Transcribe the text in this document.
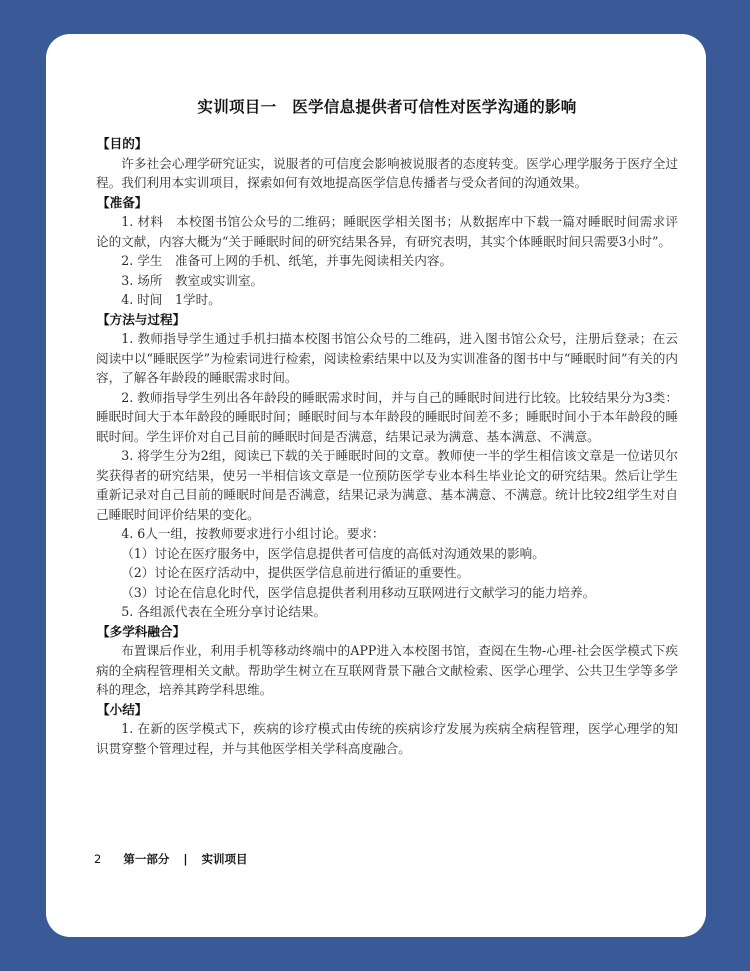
实训项目一　医学信息提供者可信性对医学沟通的影响
【目的】

许多社会心理学研究证实，说服者的可信度会影响被说服者的态度转变。医学心理学服务于医疗全过程。我们利用本实训项目，探索如何有效地提高医学信息传播者与受众者间的沟通效果。

【准备】

1. 材料　本校图书馆公众号的二维码；睡眠医学相关图书；从数据库中下载一篇对睡眠时间需求评论的文献，内容大概为“关于睡眠时间的研究结果各异，有研究表明，其实个体睡眠时间只需要3小时”。

2. 学生　准备可上网的手机、纸笔，并事先阅读相关内容。

3. 场所　教室或实训室。

4. 时间　1学时。

【方法与过程】

1. 教师指导学生通过手机扫描本校图书馆公众号的二维码，进入图书馆公众号，注册后登录；在云阅读中以“睡眠医学”为检索词进行检索，阅读检索结果中以及为实训准备的图书中与“睡眠时间”有关的内容，了解各年龄段的睡眠需求时间。

2. 教师指导学生列出各年龄段的睡眠需求时间，并与自己的睡眠时间进行比较。比较结果分为3类：睡眠时间大于本年龄段的睡眠时间；睡眠时间与本年龄段的睡眠时间差不多；睡眠时间小于本年龄段的睡眠时间。学生评价对自己目前的睡眠时间是否满意，结果记录为满意、基本满意、不满意。

3. 将学生分为2组，阅读已下载的关于睡眠时间的文章。教师使一半的学生相信该文章是一位诺贝尔奖获得者的研究结果，使另一半相信该文章是一位预防医学专业本科生毕业论文的研究结果。然后让学生重新记录对自己目前的睡眠时间是否满意，结果记录为满意、基本满意、不满意。统计比较2组学生对自己睡眠时间评价结果的变化。

4. 6人一组，按教师要求进行小组讨论。要求：

（1）讨论在医疗服务中，医学信息提供者可信度的高低对沟通效果的影响。

（2）讨论在医疗活动中，提供医学信息前进行循证的重要性。

（3）讨论在信息化时代，医学信息提供者利用移动互联网进行文献学习的能力培养。

5. 各组派代表在全班分享讨论结果。

【多学科融合】

布置课后作业，利用手机等移动终端中的APP进入本校图书馆，查阅在生物-心理-社会医学模式下疾病的全病程管理相关文献。帮助学生树立在互联网背景下融合文献检索、医学心理学、公共卫生学等多学科的理念，培养其跨学科思维。

【小结】

1. 在新的医学模式下，疾病的诊疗模式由传统的疾病诊疗发展为疾病全病程管理，医学心理学的知识贯穿整个管理过程，并与其他医学相关学科高度融合。

2 第一部分 | 实训项目
